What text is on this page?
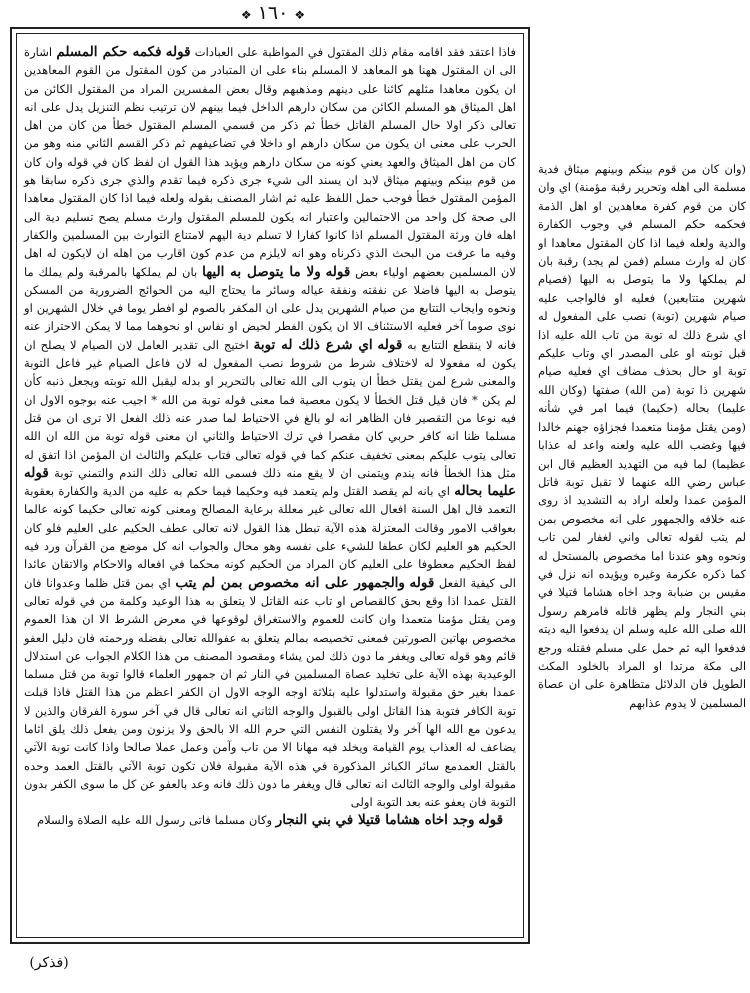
❖ ١٦٠ ❖

فاذا اعتقد فقد اقامه مقام ذلك المقتول في المواظبة على العبادات قوله فكمه حكم المسلم اشارة الى ان المقتول ههنا هو المعاهد لا المسلم بناء على ان المتبادر من كون المقتول من القوم المعاهدين ان يكون معاهدا مثلهم كائنا على دينهم ومذهبهم وقال بعض المفسرين المراد من المقتول الكائن من اهل الميثاق هو المسلم الكائن من سكان دارهم الداخل فيما بينهم لان ترتيب نظم التنزيل يدل على انه تعالى ذكر اولا حال المسلم القاتل خطأ ثم ذكر من قسمي المسلم المقتول خطأ من كان من اهل الحرب على معنى ان يكون من سكان دارهم او داخلا في تضاعيفهم ثم ذكر القسم الثاني منه وهو من كان من اهل الميثاق والعهد يعني كونه من سكان دارهم ويؤيد هذا القول ان لفظ كان في قوله وان كان من قوم بينكم وبينهم ميثاق لابد ان يسند الى شيء جرى ذكره فيما تقدم والذي جرى ذكره سابقا هو المؤمن المقتول خطأ فوجب حمل اللفظ عليه ثم اشار المصنف بقوله ولعله فيما اذا كان المقتول معاهدا الى صحة كل واحد من الاحتمالين واعتبار انه يكون للمسلم المقتول وارث مسلم يصح تسليم دية الى اهله فان ورثة المقتول المسلم اذا كانوا كفارا لا تسلم دية اليهم لامتناع التوارث بين المسلمين والكفار وفيه ما عرفت من البحث الذي ذكرناه وهو انه لايلزم من عدم كون اقارب من اهله ان لايكون له اهل لان المسلمين بعضهم اولياء بعض قوله ولا ما يتوصل به اليها بان لم يملكها بالمرقبة ولم يملك ما يتوصل به اليها فاضلا عن نفقته ونفقة عياله وسائر ما يحتاج اليه من الحوائج الضرورية من المسكن ونحوه وايجاب التتابع من صيام الشهرين يدل على ان المكفر بالصوم لو افطر يوما في خلال الشهرين او نوى صوما آخر فعليه الاستئناف الا ان يكون الفطر لحيض او نفاس او نحوهما مما لا يمكن الاحتراز عنه فانه لا ينقطع التتابع به قوله اي شرع ذلك له توبة اختيج الى تقدير العامل لان الصيام لا يصلح ان يكون له مفعولا له لاختلاف شرط من شروط نصب المفعول له لان فاعل الصيام غير فاعل التوبة والمعنى شرع لمن يقتل خطأ ان يتوب الى الله تعالى بالتحرير او بدله ليقبل الله توبته ويجعل ذنبه كأن لم يكن * فان قيل قتل الخطأ لا يكون معصية فما معنى قوله توبة من الله * اجيب عنه بوجوه الاول ان فيه نوعا من التقصير فان الظاهر انه لو بالغ في الاحتياط لما صدر عنه ذلك الفعل الا ترى ان من قتل مسلما ظنا انه كافر حربي كان مقصرا في ترك الاحتياط والثاني ان معنى قوله توبة من الله ان الله تعالى يتوب عليكم بمعنى تخفيف عنكم كما في قوله تعالى فتاب عليكم والثالث ان المؤمن اذا اتفق له مثل هذا الخطأ فانه يندم ويتمنى ان لا يقع منه ذلك فسمى الله تعالى ذلك الندم والتمني توبة قوله عليما بحاله اي بانه لم يقصد القتل ولم يتعمد فيه وحكيما فيما حكم به عليه من الدية والكفارة بعقوبة التعمد قال اهل السنة افعال الله تعالى غير معللة برعاية المصالح ومعنى كونه تعالى حكيما كونه عالما بعواقب الامور وقالت المعتزلة هذه الآية تبطل هذا القول لانه تعالى عطف الحكيم على العليم فلو كان الحكيم هو العليم لكان عطفا للشيء على نفسه وهو محال والجواب انه كل موضع من القرآن ورد فيه لفظ الحكيم معطوفا على العليم كان المراد من الحكيم كونه محكما في افعاله والاحكام والاتقان عائدا الى كيفية الفعل قوله والجمهور على انه مخصوص بمن لم يتب اي بمن قتل ظلما وعدوانا فان القتل عمدا اذا وقع بحق كالقصاص او تاب عنه القاتل لا يتعلق به هذا الوعيد وكلمة من في قوله تعالى ومن يقتل مؤمنا متعمدا وان كانت للعموم والاستغراق لوقوعها في معرض الشرط الا ان هذا العموم مخصوص بهاتين الصورتين فمعنى تخصيصه بمالم يتعلق به عفوالله تعالى بفضله ورحمته فان دليل العفو قائم وهو قوله تعالى ويغفر ما دون ذلك لمن يشاء ومقصود المصنف من هذا الكلام الجواب عن استدلال الوعيدية بهذه الآية على تخليد عصاة المسلمين في النار ثم ان جمهور العلماء قالوا توبة من قتل مسلما عمدا بغير حق مقبولة واستدلوا عليه بثلاثة اوجه الوجه الاول ان الكفر اعظم من هذا القتل فاذا قبلت توبة الكافر فتوبة هذا القاتل اولى بالقبول والوجه الثاني انه تعالى قال في آخر سورة الفرقان والذين لا يدعون مع الله الها آخر ولا يقتلون النفس التي حرم الله الا بالحق ولا يزنون ومن يفعل ذلك يلق اثاما يضاعف له العذاب يوم القيامة ويخلد فيه مهانا الا من تاب وآمن وعمل عملا صالحا واذا كانت توبة الآتي بالقتل العمدمع سائر الكبائر المذكورة في هذه الآية مقبولة فلان تكون توبة الآتي بالقتل العمد وحده مقبولة اولى والوجه الثالث انه تعالى قال ويغفر ما دون ذلك فانه وعد بالعفو عن كل ما سوى الكفر بدون التوبة فان يعفو عنه بعد التوبة اولى

قوله وجد اخاه هشاما قتيلا في بني النجار وكان مسلما فاتى رسول الله عليه الصلاة والسلام

(وان كان من قوم بينكم وبينهم ميثاق فدية مسلمة الى اهله وتحرير رقبة مؤمنة) اي وان كان من قوم كفرة معاهدين او اهل الذمة فحكمه حكم المسلم في وجوب الكفارة والدية ولعله فيما اذا كان المقتول معاهدا او كان له وارث مسلم (فمن لم يجد) رقبة بان لم يملكها ولا ما يتوصل به اليها (فصيام شهرين متتابعين) فعليه او فالواجب عليه صيام شهرين (توبة) نصب على المفعول له اي شرع ذلك له توبة من تاب الله عليه اذا قبل توبته او على المصدر اي وتاب عليكم توبة او حال بحذف مضاف اي فعليه صيام شهرين ذا توبة (من الله) صفتها (وكان الله عليما) بحاله (حكيما) فيما امر في شأنه (ومن يقتل مؤمنا متعمدا فجزاؤه جهنم خالدا فيها وغضب الله عليه ولعنه واعد له عذابا عظيما) لما فيه من التهديد العظيم قال ابن عباس رضي الله عنهما لا تقبل توبة قاتل المؤمن عمدا ولعله اراد به التشديد اذ روى عنه خلافه والجمهور على انه مخصوص بمن لم يتب لقوله تعالى واني لغفار لمن تاب ونحوه وهو عندنا اما مخصوص بالمستحل له كما ذكره عكرمة وغيره ويؤيده انه نزل في مقيس بن ضبابة وجد اخاه هشاما قتيلا في بني النجار ولم يظهر قاتله فامرهم رسول الله صلى الله عليه وسلم ان يدفعوا اليه ديته فدفعوا اليه ثم حمل على مسلم فقتله ورجع الى مكة مرتدا او المراد بالخلود المكث الطويل فان الدلائل متظاهرة على ان عصاة المسلمين لا يدوم عذابهم

(فذكر)
